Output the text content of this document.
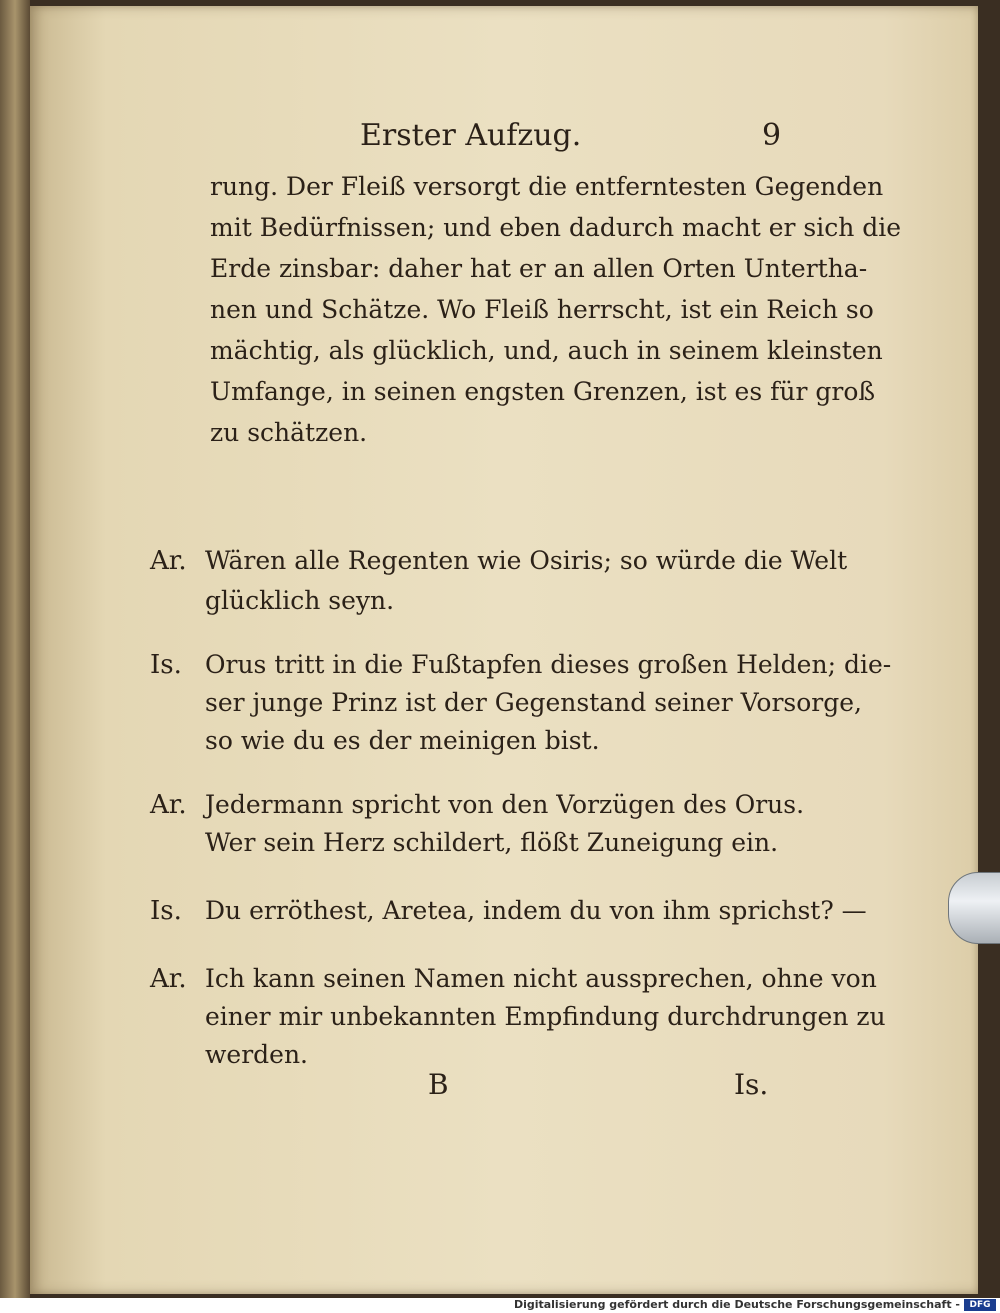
Erster Aufzug.	9
rung. Der Fleiß versorgt die entferntesten Gegenden
mit Bedürfnissen; und eben dadurch macht er sich die
Erde zinsbar: daher hat er an allen Orten Untertha-
nen und Schätze. Wo Fleiß herrscht, ist ein Reich so
mächtig, als glücklich, und, auch in seinem kleinsten
Umfange, in seinen engsten Grenzen, ist es für groß
zu schätzen.
Ar. Wären alle Regenten wie Osiris; so würde die Welt
glücklich seyn.
Is. Orus tritt in die Fußtapfen dieses großen Helden; die-
ser junge Prinz ist der Gegenstand seiner Vorsorge,
so wie du es der meinigen bist.
Ar. Jedermann spricht von den Vorzügen des Orus.
Wer sein Herz schildert, flößt Zuneigung ein.
Is. Du erröthest, Aretea, indem du von ihm sprichst? —
Ar. Ich kann seinen Namen nicht aussprechen, ohne von
einer mir unbekannten Empfindung durchdrungen zu
werden.
B	Is.
Digitalisierung gefördert durch die Deutsche Forschungsgemeinschaft -	DFG
